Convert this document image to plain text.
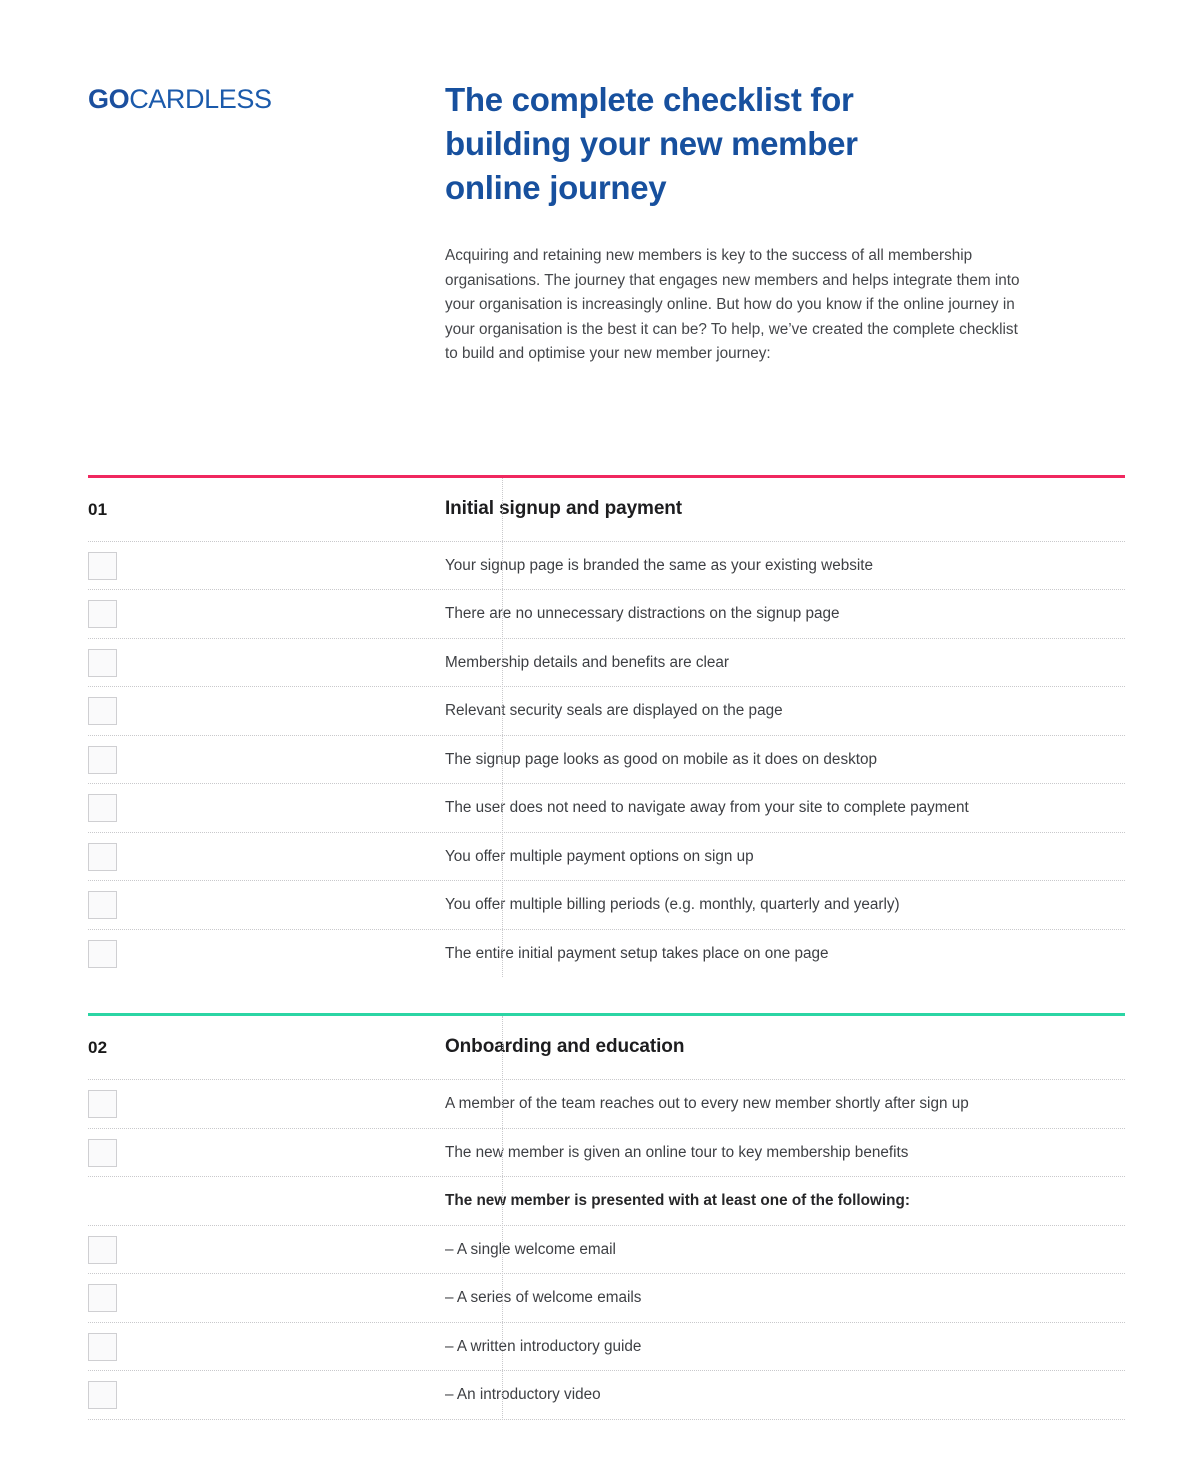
GOCARDLESS	The complete checklist for building your new member online journey

Acquiring and retaining new members is key to the success of all membership organisations. The journey that engages new members and helps integrate them into your organisation is increasingly online. But how do you know if the online journey in your organisation is the best it can be? To help, we’ve created the complete checklist to build and optimise your new member journey:

01	Initial signup and payment
Your signup page is branded the same as your existing website
There are no unnecessary distractions on the signup page
Membership details and benefits are clear
Relevant security seals are displayed on the page
The signup page looks as good on mobile as it does on desktop
The user does not need to navigate away from your site to complete payment
You offer multiple payment options on sign up
You offer multiple billing periods (e.g. monthly, quarterly and yearly)
The entire initial payment setup takes place on one page
02	Onboarding and education
A member of the team reaches out to every new member shortly after sign up
The new member is given an online tour to key membership benefits
The new member is presented with at least one of the following:
– A single welcome email
– A series of welcome emails
– A written introductory guide
– An introductory video
